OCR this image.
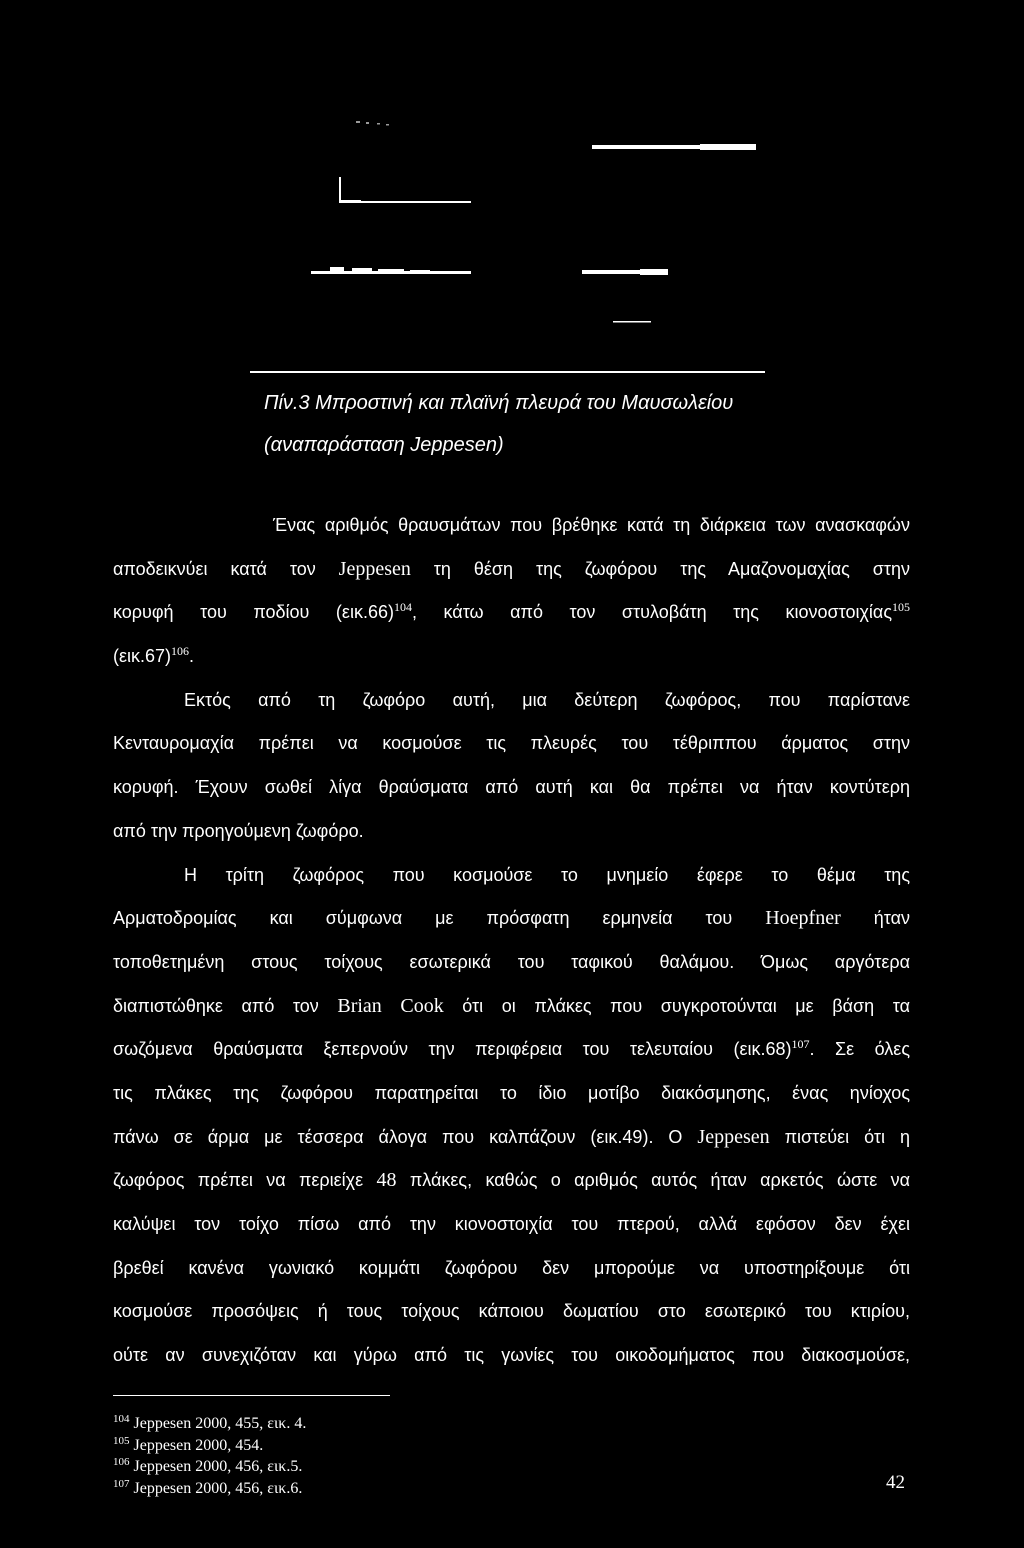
Πίν.3 Μπροστινή και πλαϊνή πλευρά του Μαυσωλείου
(αναπαράσταση Jeppesen)
Ένας αριθμός θραυσμάτων που βρέθηκε κατά τη διάρκεια των ανασκαφών
αποδεικνύει κατά τον Jeppesen τη θέση της ζωφόρου της Αμαζονομαχίας στην
κορυφή του ποδίου $(\varepsilon\iota\kappa.66)^{104}$, κάτω από τον στυλοβάτη της κιονοστοιχίας$^{105}$
$(\varepsilon\iota\kappa.67)^{106}$.
Εκτός από τη ζωφόρο αυτή, μια δεύτερη ζωφόρος, που παρίστανε
Κενταυρομαχία πρέπει να κοσμούσε τις πλευρές του τέθριππου άρματος στην
κορυφή. Έχουν σωθεί λίγα θραύσματα από αυτή και θα πρέπει να ήταν κοντύτερη
από την προηγούμενη ζωφόρο.
Η τρίτη ζωφόρος που κοσμούσε το μνημείο έφερε το θέμα της
Αρματοδρομίας και σύμφωνα με πρόσφατη ερμηνεία του Hoepfner ήταν
τοποθετημένη στους τοίχους εσωτερικά του ταφικού θαλάμου. Όμως αργότερα
διαπιστώθηκε από τον Brian Cook ότι οι πλάκες που συγκροτούνται με βάση τα
σωζόμενα θραύσματα ξεπερνούν την περιφέρεια του τελευταίου $(\varepsilon\iota\kappa.68)^{107}$. Σε όλες
τις πλάκες της ζωφόρου παρατηρείται το ίδιο μοτίβο διακόσμησης, ένας ηνίοχος
πάνω σε άρμα με τέσσερα άλογα που καλπάζουν (εικ.49). Ο Jeppesen πιστεύει ότι η
ζωφόρος πρέπει να περιείχε 48 πλάκες, καθώς ο αριθμός αυτός ήταν αρκετός ώστε να
καλύψει τον τοίχο πίσω από την κιονοστοιχία του πτερού, αλλά εφόσον δεν έχει
βρεθεί κανένα γωνιακό κομμάτι ζωφόρου δεν μπορούμε να υποστηρίξουμε ότι
κοσμούσε προσόψεις ή τους τοίχους κάποιου δωματίου στο εσωτερικό του κτιρίου,
ούτε αν συνεχιζόταν και γύρω από τις γωνίες του οικοδομήματος που διακοσμούσε,
$^{104}$ Jeppesen 2000, 455, εικ. 4.
$^{105}$ Jeppesen 2000, 454.
$^{106}$ Jeppesen 2000, 456, εικ.5.
$^{107}$ Jeppesen 2000, 456, εικ.6.	42
